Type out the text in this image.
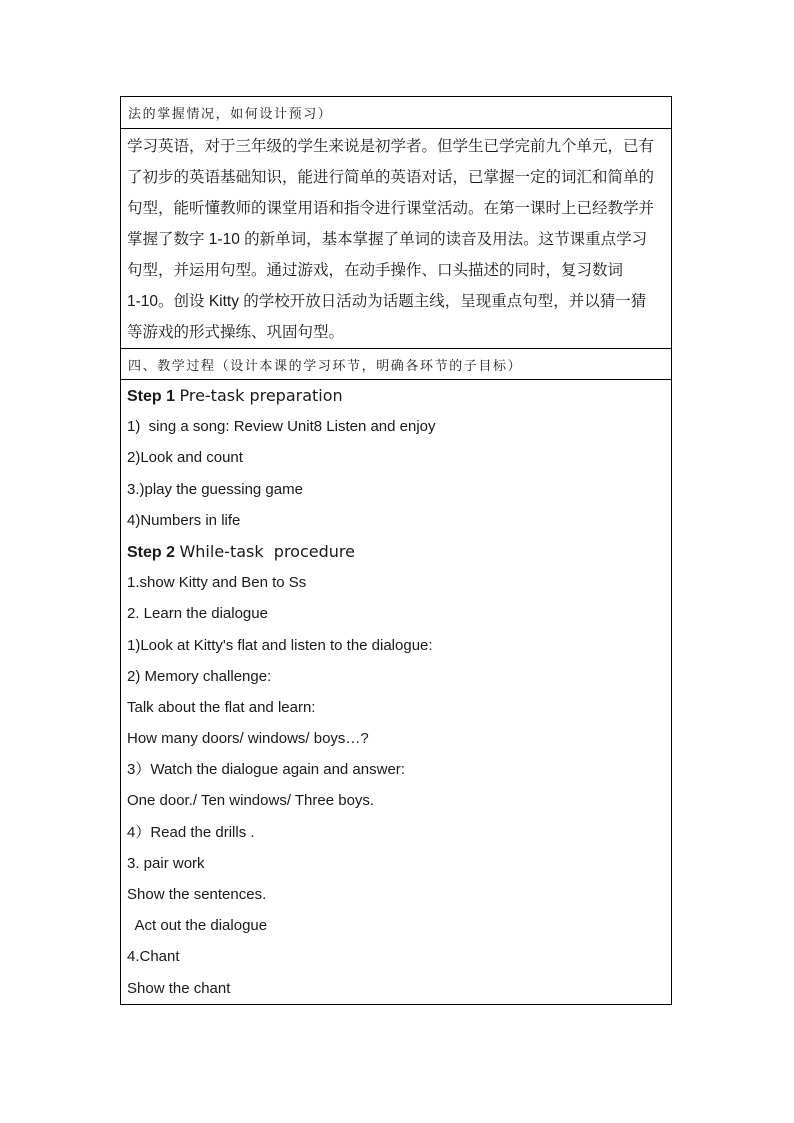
法的掌握情况，如何设计预习）

学习英语，对于三年级的学生来说是初学者。但学生已学完前九个单元，已有

了初步的英语基础知识，能进行简单的英语对话，已掌握一定的词汇和简单的

句型，能听懂教师的课堂用语和指令进行课堂活动。在第一课时上已经教学并

掌握了数字 1-10 的新单词，基本掌握了单词的读音及用法。这节课重点学习

句型，并运用句型。通过游戏，在动手操作、口头描述的同时，复习数词

1-10。创设 Kitty 的学校开放日活动为话题主线，呈现重点句型，并以猜一猜

等游戏的形式操练、巩固句型。

四、教学过程（设计本课的学习环节，明确各环节的子目标）
Step 1 Pre-task preparation
1)  sing a song: Review Unit8 Listen and enjoy
2)Look and count
3.)play the guessing game
4)Numbers in life
Step 2 While-task  procedure
1.show Kitty and Ben to Ss
2. Learn the dialogue
1)Look at Kitty's flat and listen to the dialogue:
2) Memory challenge:
Talk about the flat and learn:
How many doors/ windows/ boys…?
3）Watch the dialogue again and answer:
One door./ Ten windows/ Three boys.
4）Read the drills .
3. pair work
Show the sentences.
Act out the dialogue
4.Chant
Show the chant
